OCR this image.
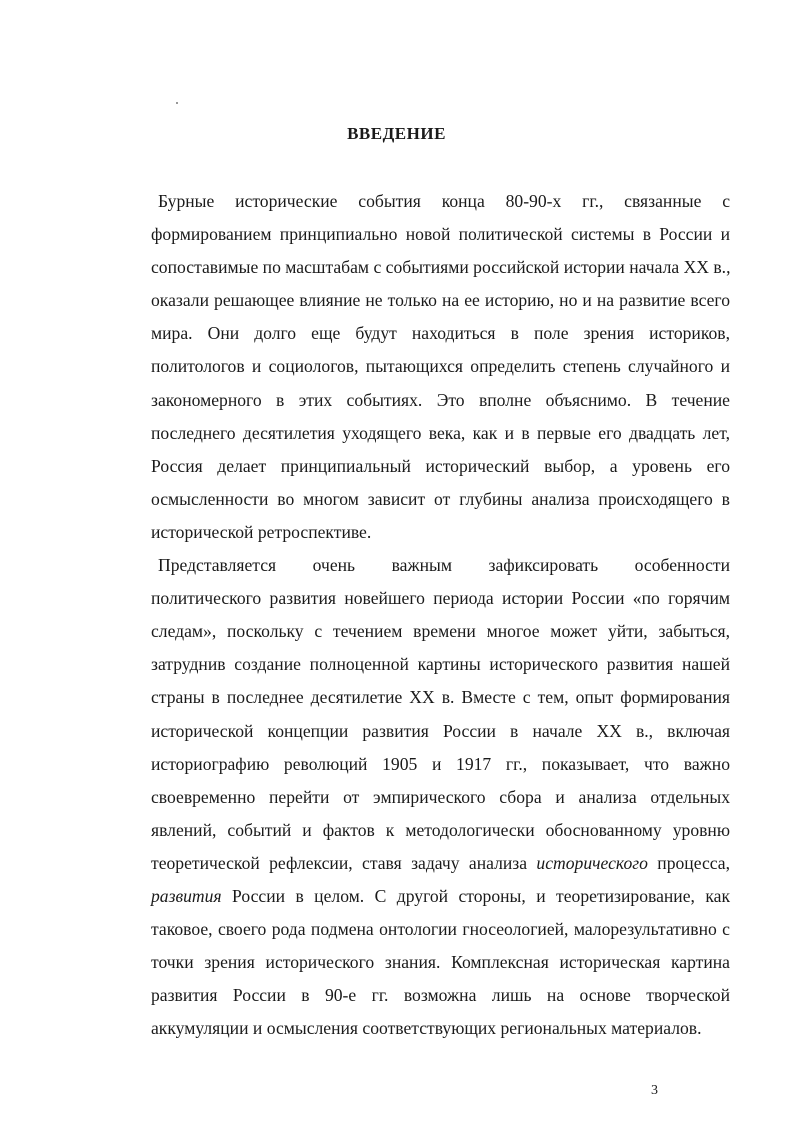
ВВЕДЕНИЕ
Бурные исторические события конца 80-90-х гг., связанные с
формированием принципиально новой политической системы в России и
сопоставимые по масштабам с событиями российской истории начала XX в.,
оказали решающее влияние не только на ее историю, но и на развитие всего
мира. Они долго еще будут находиться в поле зрения историков,
политологов и социологов, пытающихся определить степень случайного и
закономерного в этих событиях. Это вполне объяснимо. В течение
последнего десятилетия уходящего века, как и в первые его двадцать лет,
Россия делает принципиальный исторический выбор, а уровень его
осмысленности во многом зависит от глубины анализа происходящего в
исторической ретроспективе.
Представляется очень важным зафиксировать особенности
политического развития новейшего периода истории России «по горячим
следам», поскольку с течением времени многое может уйти, забыться,
затруднив создание полноценной картины исторического развития нашей
страны в последнее десятилетие XX в. Вместе с тем, опыт формирования
исторической концепции развития России в начале XX в., включая
историографию революций 1905 и 1917 гг., показывает, что важно
своевременно перейти от эмпирического сбора и анализа отдельных
явлений, событий и фактов к методологически обоснованному уровню
теоретической рефлексии, ставя задачу анализа исторического процесса,
развития России в целом. С другой стороны, и теоретизирование, как
таковое, своего рода подмена онтологии гносеологией, малорезультативно с
точки зрения исторического знания. Комплексная историческая картина
развития России в 90-е гг. возможна лишь на основе творческой
аккумуляции и осмысления соответствующих региональных материалов.
3
